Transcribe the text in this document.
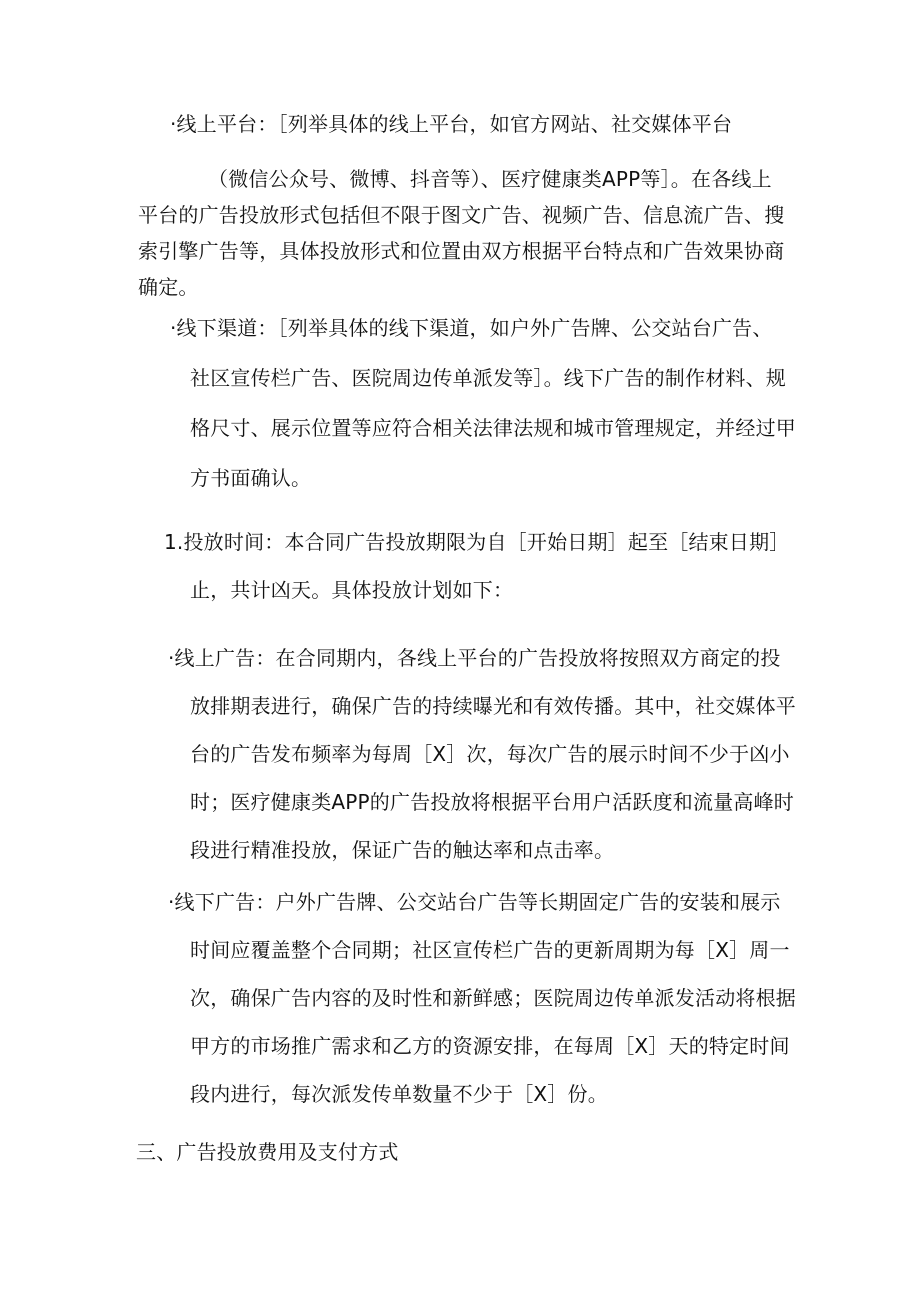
·线上平台：［列举具体的线上平台，如官方网站、社交媒体平台

（微信公众号、微博、抖音等）、医疗健康类APP等］。在各线上

平台的广告投放形式包括但不限于图文广告、视频广告、信息流广告、搜

索引擎广告等，具体投放形式和位置由双方根据平台特点和广告效果协商

确定。

·线下渠道：［列举具体的线下渠道，如户外广告牌、公交站台广告、

社区宣传栏广告、医院周边传单派发等］。线下广告的制作材料、规

格尺寸、展示位置等应符合相关法律法规和城市管理规定，并经过甲

方书面确认。

1.投放时间：本合同广告投放期限为自［开始日期］起至［结束日期］

止，共计凶天。具体投放计划如下：

·线上广告：在合同期内，各线上平台的广告投放将按照双方商定的投

放排期表进行，确保广告的持续曝光和有效传播。其中，社交媒体平

台的广告发布频率为每周［X］次，每次广告的展示时间不少于凶小

时；医疗健康类APP的广告投放将根据平台用户活跃度和流量高峰时

段进行精准投放，保证广告的触达率和点击率。

·线下广告：户外广告牌、公交站台广告等长期固定广告的安装和展示

时间应覆盖整个合同期；社区宣传栏广告的更新周期为每［X］周一

次，确保广告内容的及时性和新鲜感；医院周边传单派发活动将根据

甲方的市场推广需求和乙方的资源安排，在每周［X］天的特定时间

段内进行，每次派发传单数量不少于［X］份。

三、广告投放费用及支付方式
